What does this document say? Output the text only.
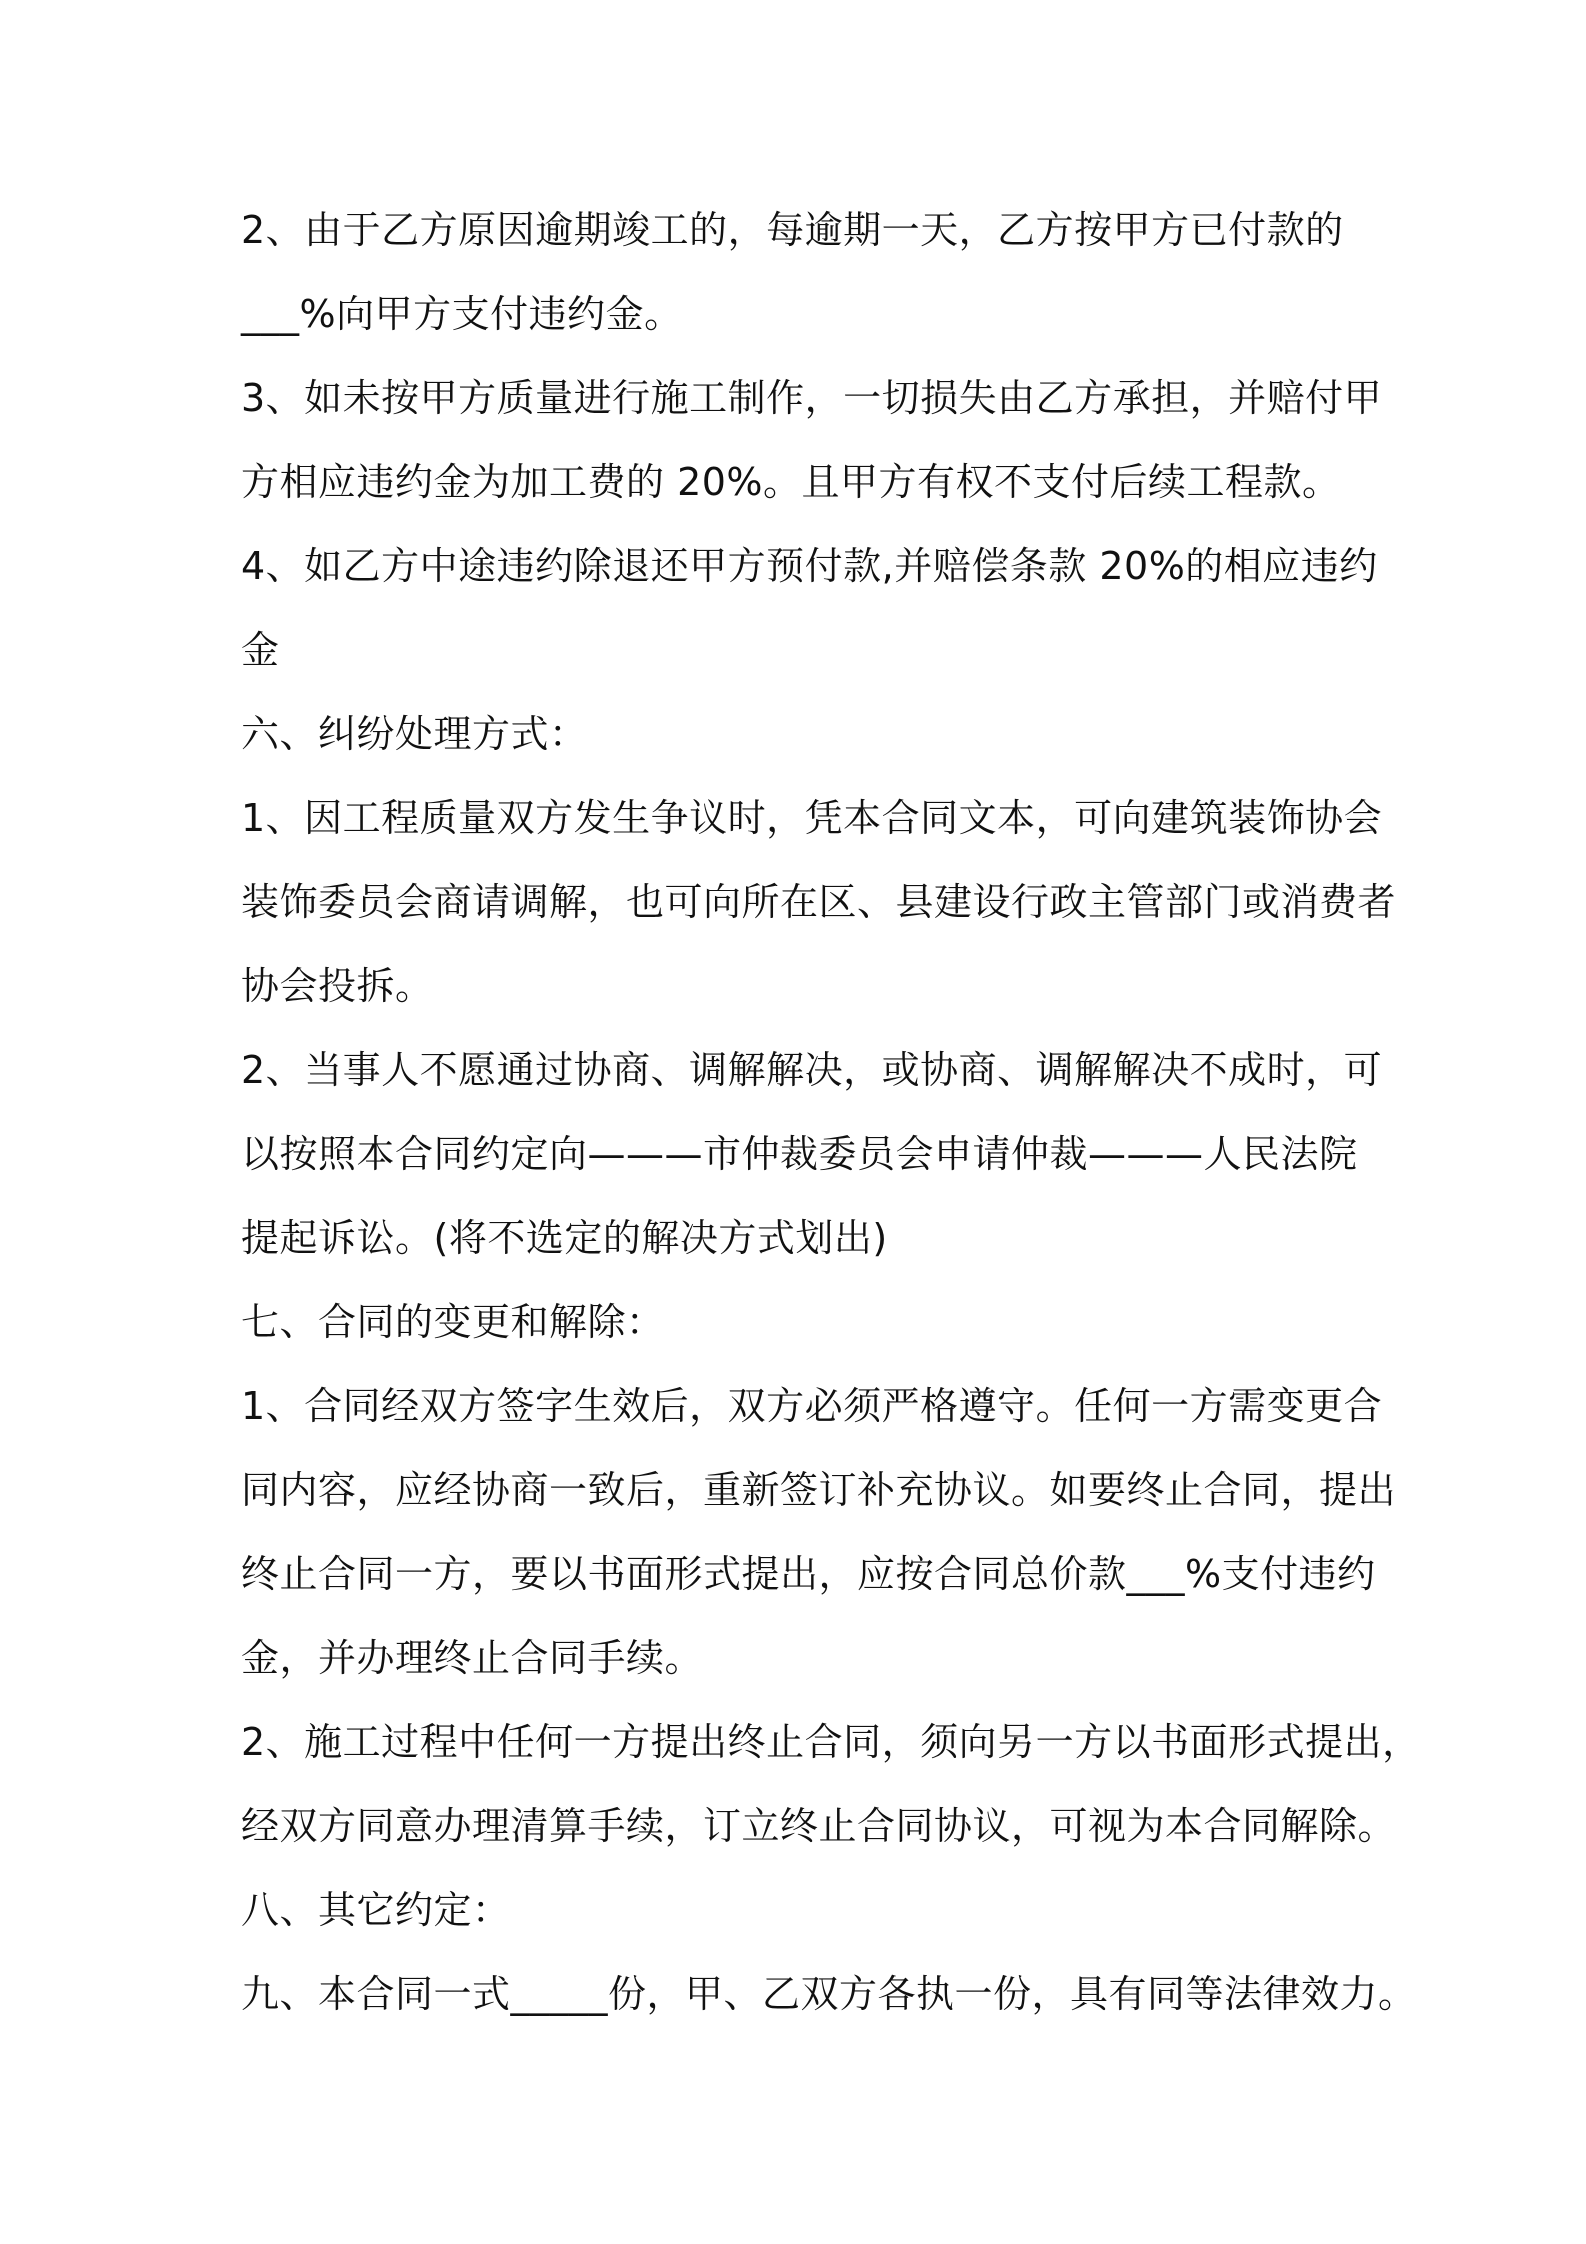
2、由于乙方原因逾期竣工的，每逾期一天，乙方按甲方已付款的

___%向甲方支付违约金。

3、如未按甲方质量进行施工制作，一切损失由乙方承担，并赔付甲

方相应违约金为加工费的 20%。且甲方有权不支付后续工程款。

4、如乙方中途违约除退还甲方预付款,并赔偿条款 20%的相应违约

金

六、纠纷处理方式：

1、因工程质量双方发生争议时，凭本合同文本，可向建筑装饰协会

装饰委员会商请调解，也可向所在区、县建设行政主管部门或消费者

协会投拆。

2、当事人不愿通过协商、调解解决，或协商、调解解决不成时，可

以按照本合同约定向———市仲裁委员会申请仲裁———人民法院

提起诉讼。(将不选定的解决方式划出)

七、合同的变更和解除：

1、合同经双方签字生效后，双方必须严格遵守。任何一方需变更合

同内容，应经协商一致后，重新签订补充协议。如要终止合同，提出

终止合同一方，要以书面形式提出，应按合同总价款___%支付违约

金，并办理终止合同手续。

2、施工过程中任何一方提出终止合同，须向另一方以书面形式提出，

经双方同意办理清算手续，订立终止合同协议，可视为本合同解除。

八、其它约定：

九、本合同一式_____份，甲、乙双方各执一份，具有同等法律效力。
